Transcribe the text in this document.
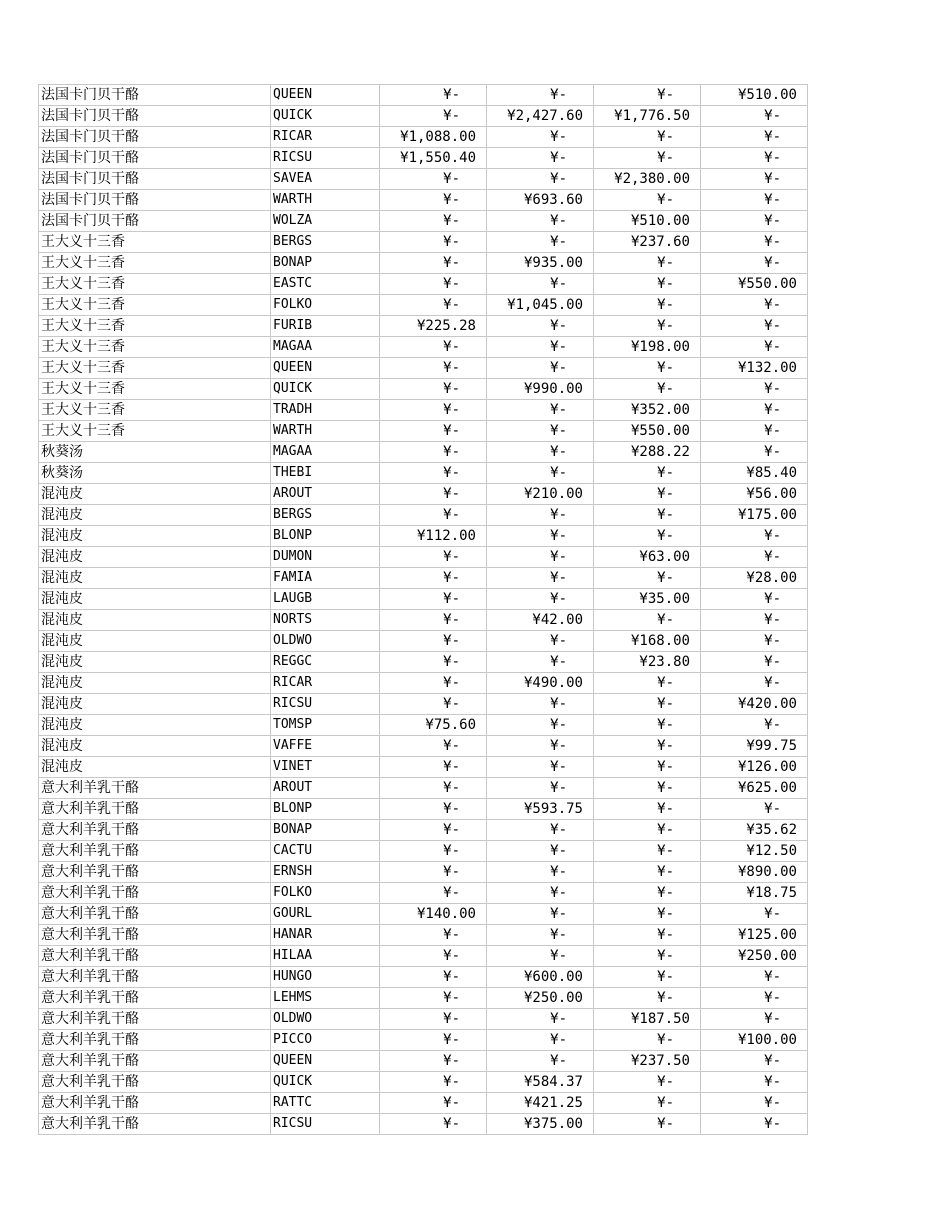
法国卡门贝干酪	QUEEN	¥-	¥-	¥-	¥510.00
法国卡门贝干酪	QUICK	¥-	¥2,427.60	¥1,776.50	¥-
法国卡门贝干酪	RICAR	¥1,088.00	¥-	¥-	¥-
法国卡门贝干酪	RICSU	¥1,550.40	¥-	¥-	¥-
法国卡门贝干酪	SAVEA	¥-	¥-	¥2,380.00	¥-
法国卡门贝干酪	WARTH	¥-	¥693.60	¥-	¥-
法国卡门贝干酪	WOLZA	¥-	¥-	¥510.00	¥-
王大义十三香	BERGS	¥-	¥-	¥237.60	¥-
王大义十三香	BONAP	¥-	¥935.00	¥-	¥-
王大义十三香	EASTC	¥-	¥-	¥-	¥550.00
王大义十三香	FOLKO	¥-	¥1,045.00	¥-	¥-
王大义十三香	FURIB	¥225.28	¥-	¥-	¥-
王大义十三香	MAGAA	¥-	¥-	¥198.00	¥-
王大义十三香	QUEEN	¥-	¥-	¥-	¥132.00
王大义十三香	QUICK	¥-	¥990.00	¥-	¥-
王大义十三香	TRADH	¥-	¥-	¥352.00	¥-
王大义十三香	WARTH	¥-	¥-	¥550.00	¥-
秋葵汤	MAGAA	¥-	¥-	¥288.22	¥-
秋葵汤	THEBI	¥-	¥-	¥-	¥85.40
混沌皮	AROUT	¥-	¥210.00	¥-	¥56.00
混沌皮	BERGS	¥-	¥-	¥-	¥175.00
混沌皮	BLONP	¥112.00	¥-	¥-	¥-
混沌皮	DUMON	¥-	¥-	¥63.00	¥-
混沌皮	FAMIA	¥-	¥-	¥-	¥28.00
混沌皮	LAUGB	¥-	¥-	¥35.00	¥-
混沌皮	NORTS	¥-	¥42.00	¥-	¥-
混沌皮	OLDWO	¥-	¥-	¥168.00	¥-
混沌皮	REGGC	¥-	¥-	¥23.80	¥-
混沌皮	RICAR	¥-	¥490.00	¥-	¥-
混沌皮	RICSU	¥-	¥-	¥-	¥420.00
混沌皮	TOMSP	¥75.60	¥-	¥-	¥-
混沌皮	VAFFE	¥-	¥-	¥-	¥99.75
混沌皮	VINET	¥-	¥-	¥-	¥126.00
意大利羊乳干酪	AROUT	¥-	¥-	¥-	¥625.00
意大利羊乳干酪	BLONP	¥-	¥593.75	¥-	¥-
意大利羊乳干酪	BONAP	¥-	¥-	¥-	¥35.62
意大利羊乳干酪	CACTU	¥-	¥-	¥-	¥12.50
意大利羊乳干酪	ERNSH	¥-	¥-	¥-	¥890.00
意大利羊乳干酪	FOLKO	¥-	¥-	¥-	¥18.75
意大利羊乳干酪	GOURL	¥140.00	¥-	¥-	¥-
意大利羊乳干酪	HANAR	¥-	¥-	¥-	¥125.00
意大利羊乳干酪	HILAA	¥-	¥-	¥-	¥250.00
意大利羊乳干酪	HUNGO	¥-	¥600.00	¥-	¥-
意大利羊乳干酪	LEHMS	¥-	¥250.00	¥-	¥-
意大利羊乳干酪	OLDWO	¥-	¥-	¥187.50	¥-
意大利羊乳干酪	PICCO	¥-	¥-	¥-	¥100.00
意大利羊乳干酪	QUEEN	¥-	¥-	¥237.50	¥-
意大利羊乳干酪	QUICK	¥-	¥584.37	¥-	¥-
意大利羊乳干酪	RATTC	¥-	¥421.25	¥-	¥-
意大利羊乳干酪	RICSU	¥-	¥375.00	¥-	¥-
